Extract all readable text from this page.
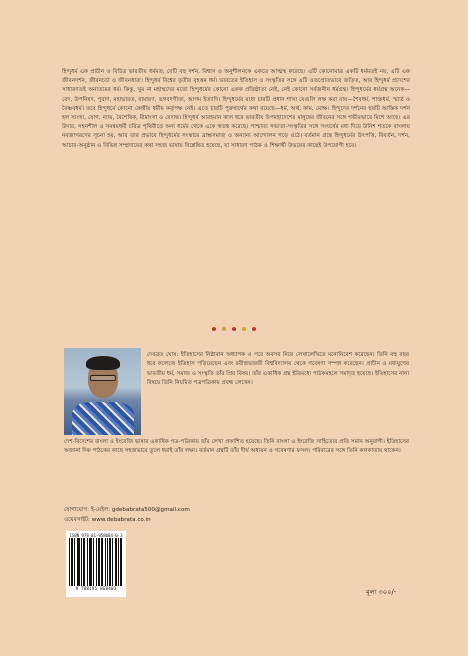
হিন্দুধর্ম এক প্রাচীন ও বিচিত্র ভারতীয় ধর্মমত, যেটি বহু দর্শন, বিশ্বাস ও অনুশীলনকে একত্রে আত্মস্থ করেছে। এটি কোনোমাত্র একটি ধর্মমতই নয়, এটি এক জীবনদর্শন, জীবনচর্চা ও জীবনধারা। হিন্দুধর্ম বিশ্বের তৃতীয় বৃহত্তম ধর্ম। ভারতের ইতিহাস ও সংস্কৃতির সঙ্গে এটি ওতপ্রোতভাবে জড়িত, আর হিন্দুধর্ম প্রদেশের সাধারণতই অন্যতমের ধর্ম। কিন্তু, খুব না মহাম্মদের মতো হিন্দুধর্মের কোনো একক প্রতিষ্ঠাতা নেই, নেই কোনো সর্বজনীন ধর্মগ্রন্থ। হিন্দুধর্মের ধর্মগ্রন্থ অনেক—বেদ, উপনিষদ, পুরাণ, মহাভারত, রামায়ণ, ভগবদগীতা, আগম ইত্যাদি। হিন্দুধর্মের মধ্যে চারটি প্রধান শাখা যেগুলি লক্ষ করা যায়—শৈবধর্ম, শাক্তধর্ম, স্মার্ত ও বৈষ্ণবধর্ম। তবে হিন্দুধর্মে কোনো কেন্দ্রীয় ধর্মীয় কর্তৃপক্ষ নেই। এতে চারটি পুরুষার্থের কথা রয়েছে—ধর্ম, অর্থ, কাম, মোক্ষ। হিন্দুদের দর্শনের ছয়টি আস্তিক দর্শন হল সাংখ্য, যোগ, ন্যায়, বৈশেষিক, মীমাংসা ও বেদান্ত। হিন্দুধর্ম আবহমান কাল ধরে ভারতীয় উপমহাদেশের মানুষের জীবনের সঙ্গে গভীরভাবে মিশে আছে। এর উদার, সহনশীল ও সমন্বয়ধর্মী চরিত্র পৃথিবীতে অন্য ধর্মের থেকে একে স্বতন্ত্র করেছে। পাশ্চাত্য সভ্যতা-সংস্কৃতির সঙ্গে সংঘর্ষের মধ্য দিয়ে উনিশ শতকে বাংলায় নবজাগরণের সূচনা হয়, আর তার প্রভাবে হিন্দুধর্মের সংস্কারে ব্রাহ্মসমাজ ও অন্যান্য আন্দোলন গড়ে ওঠে। বর্তমান গ্রন্থে হিন্দুধর্মের উৎপত্তি, বিবর্তন, দর্শন, আচার-অনুষ্ঠান ও বিভিন্ন সম্প্রদায়ের কথা সহজ ভাষায় বিশ্লেষিত হয়েছে, যা সাধারণ পাঠক ও শিক্ষার্থী উভয়ের কাছেই উপযোগী হবে।

দেবব্রত ঘোষ: ইতিহাসের নিষ্ঠাবান অধ্যাপক ও পরে অবসর নিয়ে লেখালেখিতে মনোনিবেশ করেছেন। তিনি বহু বছর ধরে কলেজে ইতিহাস পড়িয়েছেন এবং রবীন্দ্রভারতী বিশ্ববিদ্যালয় থেকে গবেষণা সম্পন্ন করেছেন। প্রাচীন ও মধ্যযুগের ভারতীয় ধর্ম, সমাজ ও সংস্কৃতি তাঁর প্রিয় বিষয়। তাঁর একাধিক গ্রন্থ ইতিমধ্যে পাঠকমহলে সমাদৃত হয়েছে। ইতিহাসের নানা বিষয়ে তিনি নিয়মিত পত্রপত্রিকায় প্রবন্ধ লেখেন।

দেশ-বিদেশের বাংলা ও ইংরেজি ভাষার একাধিক পত্র-পত্রিকায় তাঁর লেখা প্রকাশিত হয়েছে। তিনি বাংলা ও ইংরেজি সাহিত্যের প্রতি সমান অনুরাগী। ইতিহাসের অজানা দিক পাঠকের কাছে সহজভাবে তুলে ধরাই তাঁর লক্ষ্য। বর্তমান গ্রন্থটি তাঁর দীর্ঘ অধ্যয়ন ও গবেষণার ফসল। পরিবারের সঙ্গে তিনি কলকাতায় থাকেন।

যোগাযোগ: ই-মেইল: gdebabrata500@gmail.com
ওয়েবসাইট: www.debabrata.co.in
ISBN 978-81-958684-0-3
9 788195 868403	মূল্য ৩০০/-
